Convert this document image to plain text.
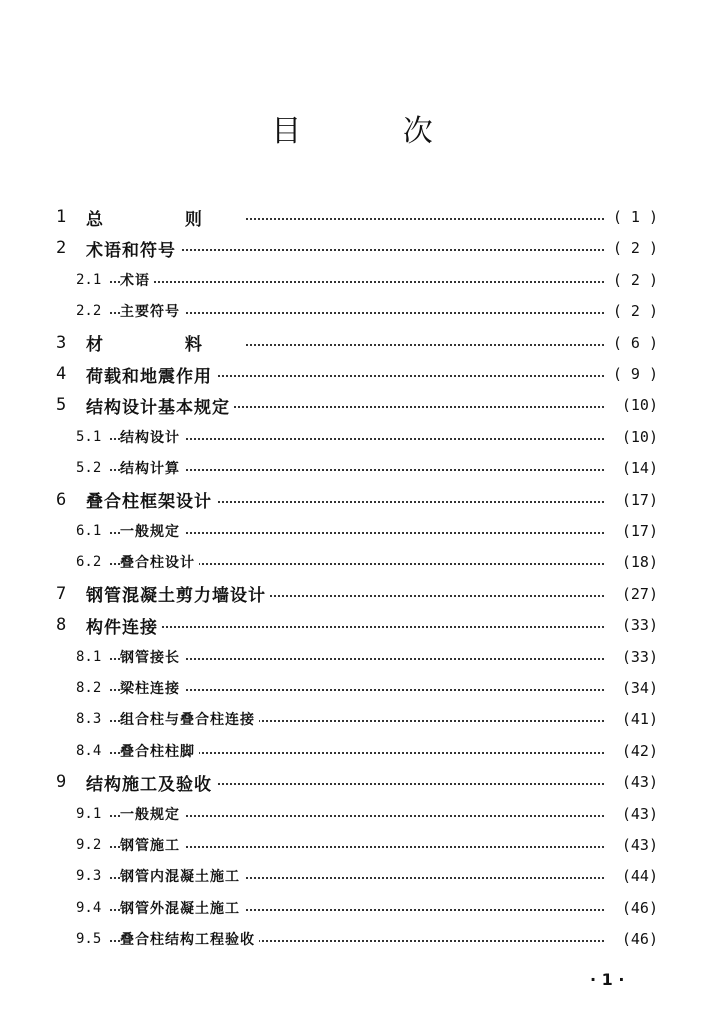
目 次
1 总 则	( 1 )
2 术语和符号	( 2 )
2.1 术语	( 2 )
2.2 主要符号	( 2 )
3 材 料	( 6 )
4 荷载和地震作用	( 9 )
5 结构设计基本规定	(10)
5.1 结构设计	(10)
5.2 结构计算	(14)
6 叠合柱框架设计	(17)
6.1 一般规定	(17)
6.2 叠合柱设计	(18)
7 钢管混凝土剪力墙设计	(27)
8 构件连接	(33)
8.1 钢管接长	(33)
8.2 梁柱连接	(34)
8.3 组合柱与叠合柱连接	(41)
8.4 叠合柱柱脚	(42)
9 结构施工及验收	(43)
9.1 一般规定	(43)
9.2 钢管施工	(43)
9.3 钢管内混凝土施工	(44)
9.4 钢管外混凝土施工	(46)
9.5 叠合柱结构工程验收	(46)
· 1 ·
